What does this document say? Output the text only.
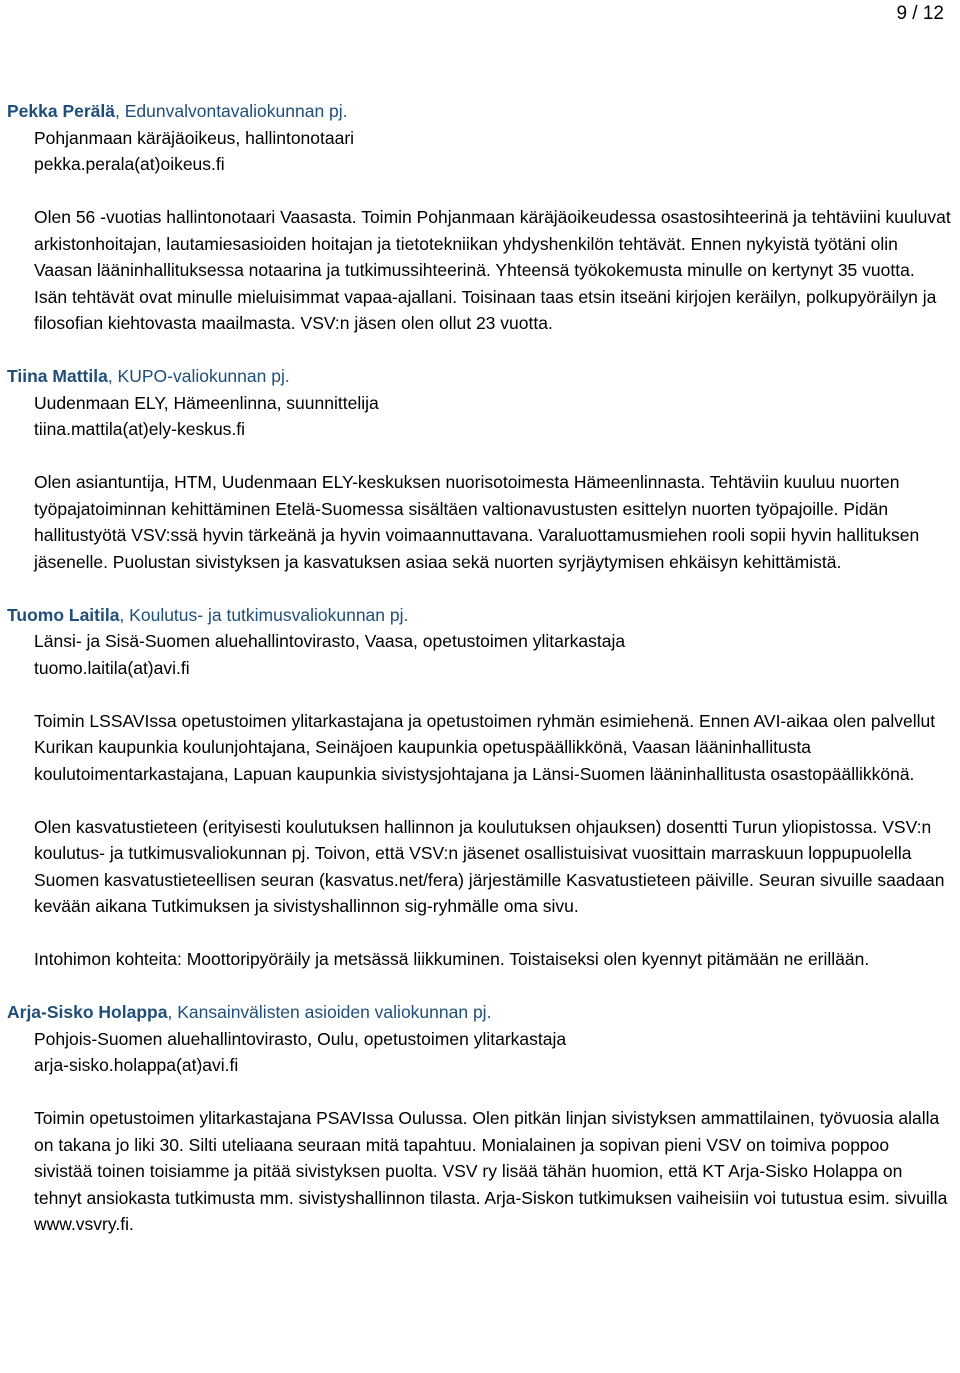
9 / 12

Pekka Perälä, Edunvalvontavaliokunnan pj.

Pohjanmaan käräjäoikeus, hallintonotaari
pekka.perala(at)oikeus.fi

Olen 56 -vuotias hallintonotaari Vaasasta. Toimin Pohjanmaan käräjäoikeudessa osastosihteerinä ja tehtäviini kuuluvat arkistonhoitajan, lautamiesasioiden hoitajan ja tietotekniikan yhdyshenkilön tehtävät. Ennen nykyistä työtäni olin Vaasan lääninhallituksessa notaarina ja tutkimussihteerinä. Yhteensä työkokemusta minulle on kertynyt 35 vuotta. Isän tehtävät ovat minulle mieluisimmat vapaa-ajallani. Toisinaan taas etsin itseäni kirjojen keräilyn, polkupyöräilyn ja filosofian kiehtovasta maailmasta. VSV:n jäsen olen ollut 23 vuotta.

Tiina Mattila, KUPO-valiokunnan pj.

Uudenmaan ELY, Hämeenlinna, suunnittelija
tiina.mattila(at)ely-keskus.fi

Olen asiantuntija, HTM, Uudenmaan ELY-keskuksen nuorisotoimesta Hämeenlinnasta. Tehtäviin kuuluu nuorten työpajatoiminnan kehittäminen Etelä-Suomessa sisältäen valtionavustusten esittelyn nuorten työpajoille. Pidän hallitustyötä VSV:ssä hyvin tärkeänä ja hyvin voimaannuttavana. Varaluottamusmiehen rooli sopii hyvin hallituksen jäsenelle. Puolustan sivistyksen ja kasvatuksen asiaa sekä nuorten syrjäytymisen ehkäisyn kehittämistä.

Tuomo Laitila, Koulutus- ja tutkimusvaliokunnan pj.

Länsi- ja Sisä-Suomen aluehallintovirasto, Vaasa, opetustoimen ylitarkastaja
tuomo.laitila(at)avi.fi

Toimin LSSAVIssa opetustoimen ylitarkastajana ja opetustoimen ryhmän esimiehenä. Ennen AVI-aikaa olen palvellut Kurikan kaupunkia koulunjohtajana, Seinäjoen kaupunkia opetuspäällikkönä, Vaasan lääninhallitusta koulutoimentarkastajana, Lapuan kaupunkia sivistysjohtajana ja Länsi-Suomen lääninhallitusta osastopäällikkönä.

Olen kasvatustieteen (erityisesti koulutuksen hallinnon ja koulutuksen ohjauksen) dosentti Turun yliopistossa. VSV:n koulutus- ja tutkimusvaliokunnan pj. Toivon, että VSV:n jäsenet osallistuisivat vuosittain marraskuun loppupuolella Suomen kasvatustieteellisen seuran (kasvatus.net/fera) järjestämille Kasvatustieteen päiville. Seuran sivuille saadaan kevään aikana Tutkimuksen ja sivistyshallinnon sig-ryhmälle oma sivu.

Intohimon kohteita: Moottoripyöräily ja metsässä liikkuminen. Toistaiseksi olen kyennyt pitämään ne erillään.

Arja-Sisko Holappa, Kansainvälisten asioiden valiokunnan pj.

Pohjois-Suomen aluehallintovirasto, Oulu, opetustoimen ylitarkastaja
arja-sisko.holappa(at)avi.fi

Toimin opetustoimen ylitarkastajana PSAVIssa Oulussa. Olen pitkän linjan sivistyksen ammattilainen, työvuosia alalla on takana jo liki 30. Silti uteliaana seuraan mitä tapahtuu. Monialainen ja sopivan pieni VSV on toimiva poppoo sivistää toinen toisiamme ja pitää sivistyksen puolta. VSV ry lisää tähän huomion, että KT Arja-Sisko Holappa on tehnyt ansiokasta tutkimusta mm. sivistyshallinnon tilasta. Arja-Siskon tutkimuksen vaiheisiin voi tutustua esim. sivuilla www.vsvry.fi.
